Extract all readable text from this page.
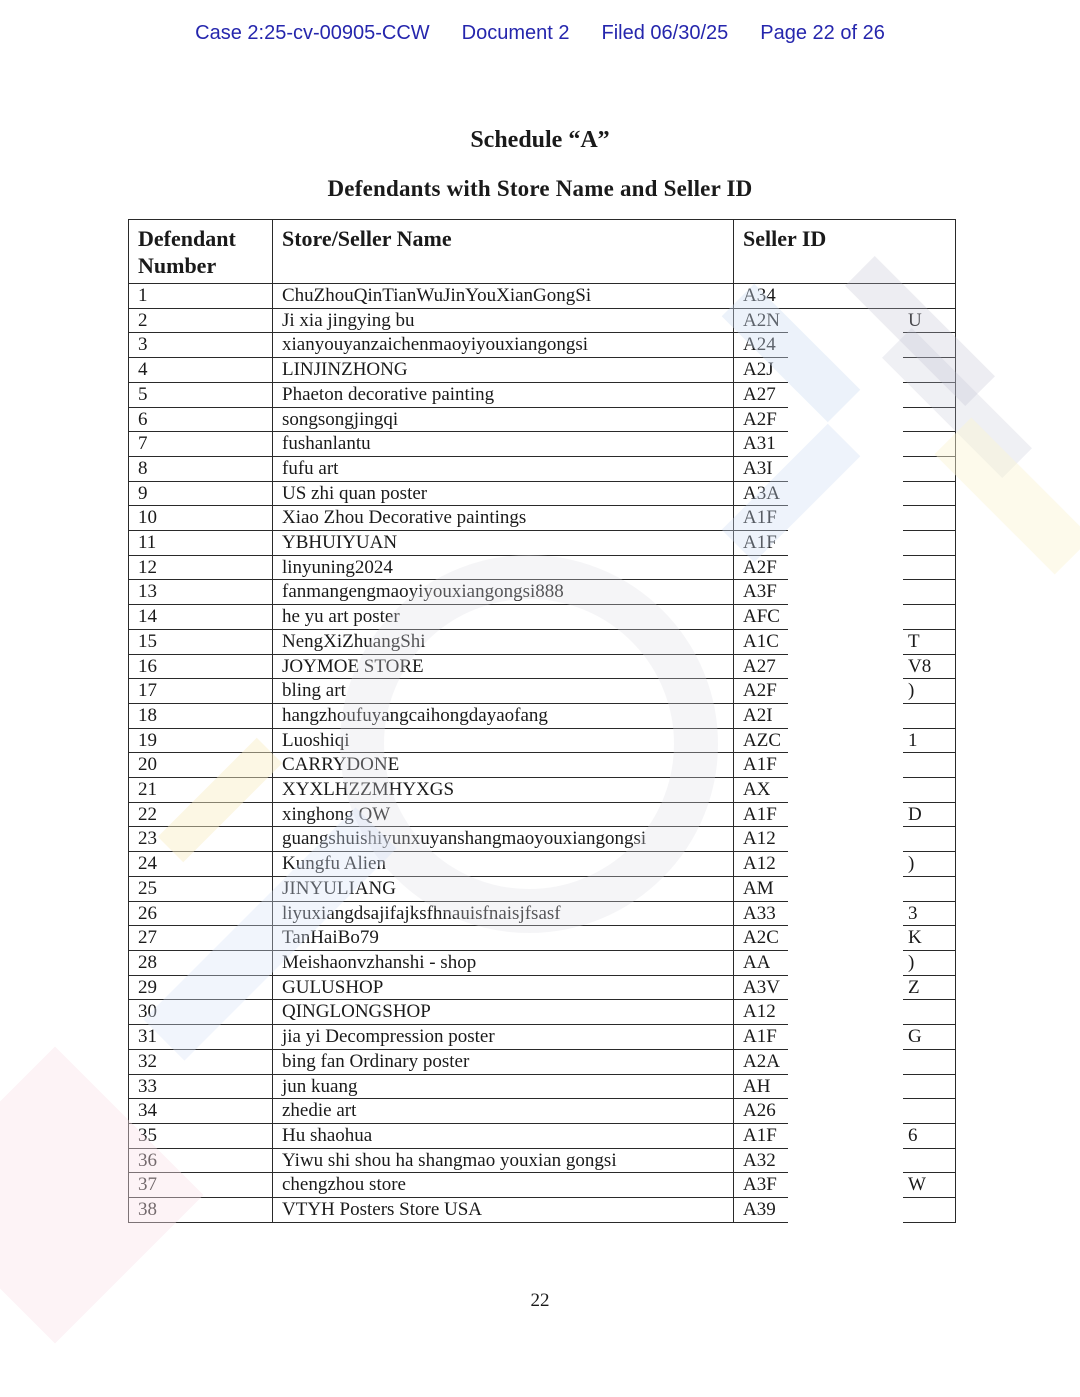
Case 2:25-cv-00905-CCW Document 2 Filed 06/30/25 Page 22 of 26
Schedule “A”
Defendants with Store Name and Seller ID
Defendant Number	Store/Seller Name	Seller ID
1	ChuZhouQinTianWuJinYouXianGongSi	A34

2	Ji xia jingying bu	A2N U

3	xianyouyanzaichenmaoyiyouxiangongsi	A24

4	LINJINZHONG	A2J

5	Phaeton decorative painting	A27

6	songsongjingqi	A2F

7	fushanlantu	A31

8	fufu art	A3I

9	US zhi quan poster	A3A

10	Xiao Zhou Decorative paintings	A1F

11	YBHUIYUAN	A1F

12	linyuning2024	A2F

13	fanmangengmaoyiyouxiangongsi888	A3F

14	he yu art poster	AFC

15	NengXiZhuangShi	A1C T

16	JOYMOE STORE	A27 V8

17	bling art	A2F )

18	hangzhoufuyangcaihongdayaofang	A2I

19	Luoshiqi	AZC 1

20	CARRYDONE	A1F

21	XYXLHZZMHYXGS	AX

22	xinghong QW	A1F D

23	guangshuishiyunxuyanshangmaoyouxiangongsi	A12

24	Kungfu Alien	A12 )

25	JINYULIANG	AM

26	liyuxiangdsajifajksfhnauisfnaisjfsasf	A33 3

27	TanHaiBo79	A2C K

28	Meishaonvzhanshi - shop	AA )

29	GULUSHOP	A3V Z

30	QINGLONGSHOP	A12

31	jia yi Decompression poster	A1F G

32	bing fan Ordinary poster	A2A

33	jun kuang	AH

34	zhedie art	A26

35	Hu shaohua	A1F 6

36	Yiwu shi shou ha shangmao youxian gongsi	A32

37	chengzhou store	A3F W

38	VTYH Posters Store USA	A39
22
